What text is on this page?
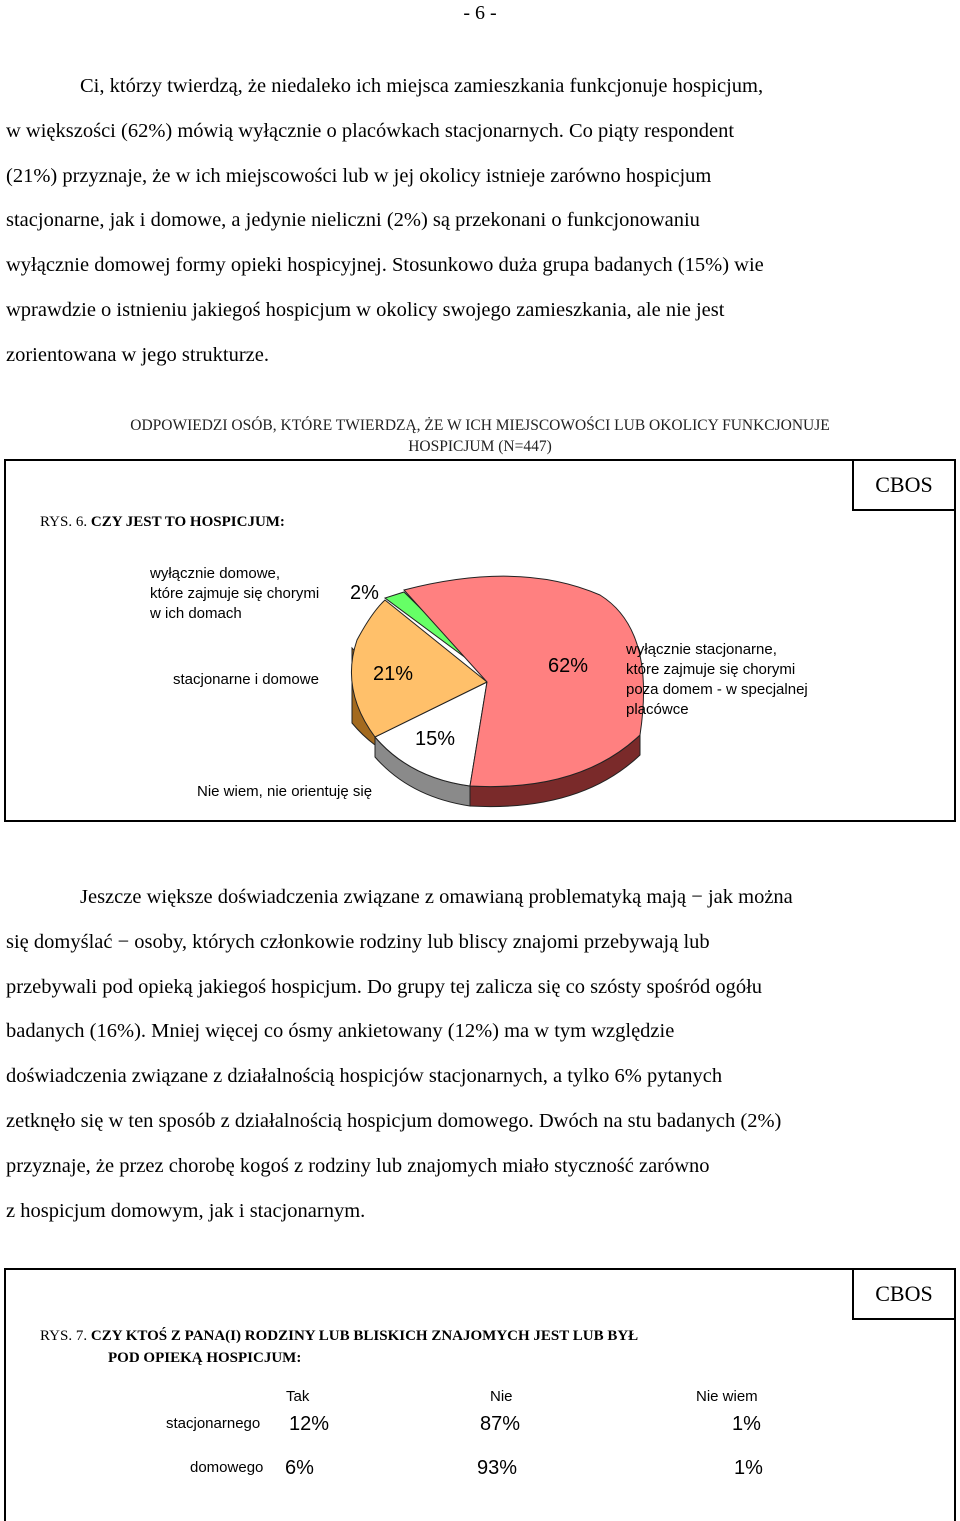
- 6 -

Ci, którzy twierdzą, że niedaleko ich miejsca zamieszkania funkcjonuje hospicjum,

w większości (62%) mówią wyłącznie o placówkach stacjonarnych. Co piąty respondent

(21%) przyznaje, że w ich miejscowości lub w jej okolicy istnieje zarówno hospicjum

stacjonarne, jak i domowe, a jedynie nieliczni (2%) są przekonani o funkcjonowaniu

wyłącznie domowej formy opieki hospicyjnej. Stosunkowo duża grupa badanych (15%) wie

wprawdzie o istnieniu jakiegoś hospicjum w okolicy swojego zamieszkania, ale nie jest

zorientowana w jego strukturze.

ODPOWIEDZI OSÓB, KTÓRE TWIERDZĄ, ŻE W ICH MIEJSCOWOŚCI LUB OKOLICY FUNKCJONUJE
HOSPICJUM (N=447)
CBOS
RYS. 6. CZY JEST TO HOSPICJUM:
wyłącznie domowe,
które zajmuje się chorymi
w ich domach
2%
stacjonarne i domowe	21%	62%
wyłącznie stacjonarne,
które zajmuje się chorymi
poza domem - w specjalnej
placówce
15%
Nie wiem, nie orientuję się

Jeszcze większe doświadczenia związane z omawianą problematyką mają − jak można

się domyślać − osoby, których członkowie rodziny lub bliscy znajomi przebywają lub

przebywali pod opieką jakiegoś hospicjum. Do grupy tej zalicza się co szósty spośród ogółu

badanych (16%). Mniej więcej co ósmy ankietowany (12%) ma w tym względzie

doświadczenia związane z działalnością hospicjów stacjonarnych, a tylko 6% pytanych

zetknęło się w ten sposób z działalnością hospicjum domowego. Dwóch na stu badanych (2%)

przyznaje, że przez chorobę kogoś z rodziny lub znajomych miało styczność zarówno

z hospicjum domowym, jak i stacjonarnym.

CBOS
RYS. 7. CZY KTOŚ Z PANA(I) RODZINY LUB BLISKICH ZNAJOMYCH JEST LUB BYŁ
POD OPIEKĄ HOSPICJUM:
Tak	Nie	Nie wiem
stacjonarnego 12%	87%	1%
domowego 6%	93%	1%
